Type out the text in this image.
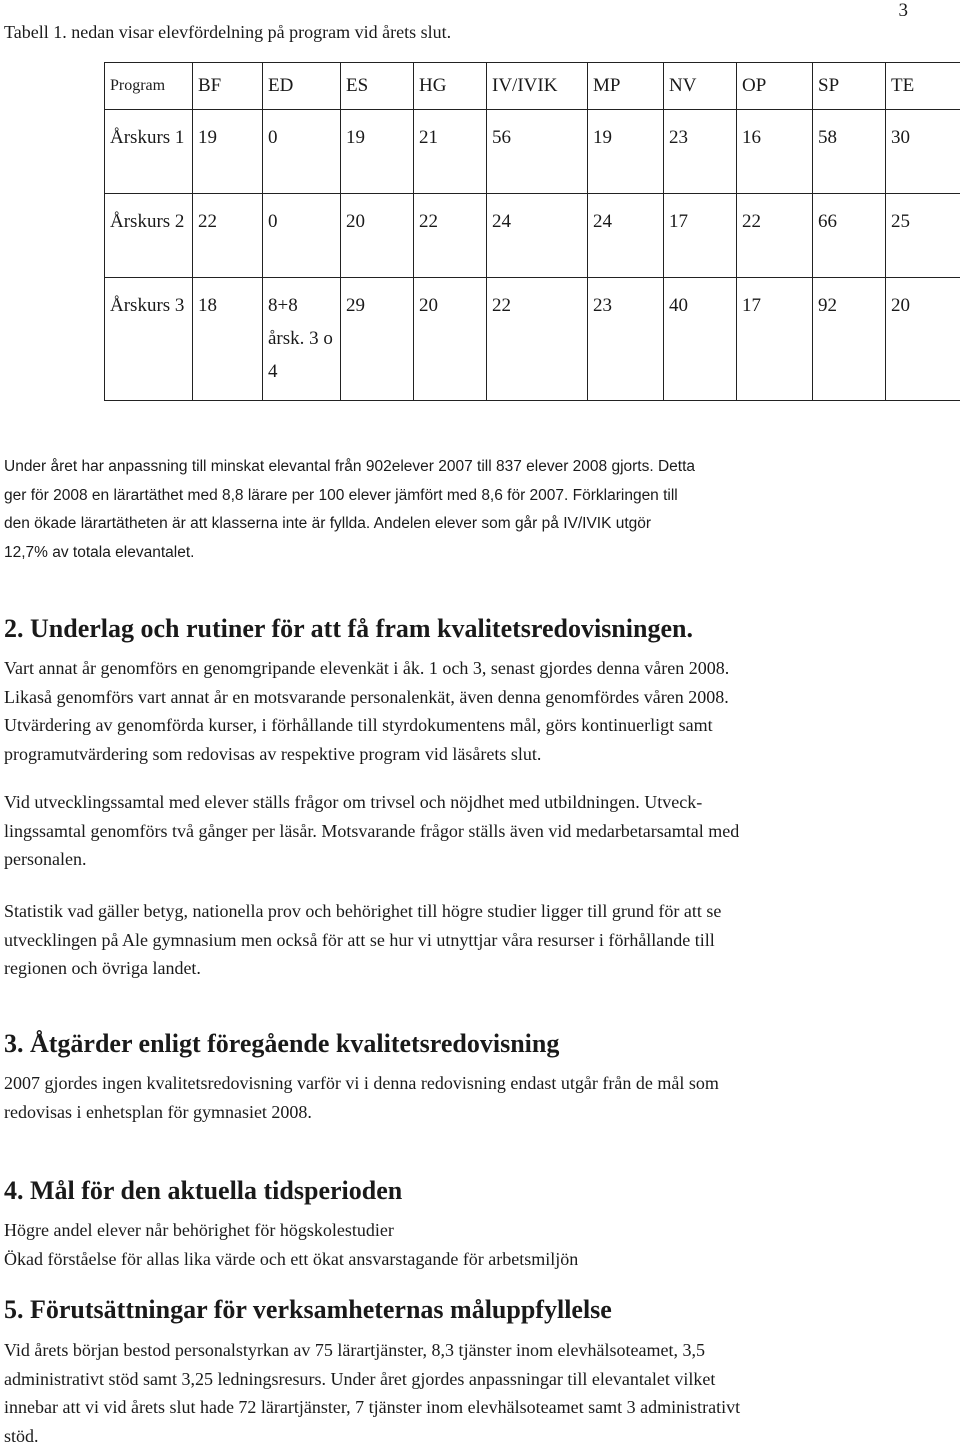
3
Tabell 1. nedan visar elevfördelning på program vid årets slut.
Program	BF	ED	ES	HG	IV/IVIK	MP	NV	OP	SP	TE
Årskurs 1	19	0	19	21	56	19	23	16	58	30
Årskurs 2	22	0	20	22	24	24	17	22	66	25
Årskurs 3	18	8+8 årsk. 3 o 4	29	20	22	23	40	17	92	20
Under året har anpassning till minskat elevantal från 902elever 2007 till 837 elever 2008 gjorts. Detta
ger för 2008 en lärartäthet med 8,8 lärare per 100 elever jämfört med 8,6 för 2007. Förklaringen till
den ökade lärartätheten är att klasserna inte är fyllda. Andelen elever som går på IV/IVIK utgör
12,7% av totala elevantalet.
2. Underlag och rutiner för att få fram kvalitetsredovisningen.
Vart annat år genomförs en genomgripande elevenkät i åk. 1 och 3, senast gjordes denna våren 2008.
Likaså genomförs vart annat år en motsvarande personalenkät, även denna genomfördes våren 2008.
Utvärdering av genomförda kurser, i förhållande till styrdokumentens mål, görs kontinuerligt samt
programutvärdering som redovisas av respektive program vid läsårets slut.
Vid utvecklingssamtal med elever ställs frågor om trivsel och nöjdhet med utbildningen. Utveck-
lingssamtal genomförs två gånger per läsår. Motsvarande frågor ställs även vid medarbetarsamtal med
personalen.
Statistik vad gäller betyg, nationella prov och behörighet till högre studier ligger till grund för att se
utvecklingen på Ale gymnasium men också för att se hur vi utnyttjar våra resurser i förhållande till
regionen och övriga landet.
3. Åtgärder enligt föregående kvalitetsredovisning
2007 gjordes ingen kvalitetsredovisning varför vi i denna redovisning endast utgår från de mål som
redovisas i enhetsplan för gymnasiet 2008.
4. Mål för den aktuella tidsperioden
Högre andel elever når behörighet för högskolestudier
Ökad förståelse för allas lika värde och ett ökat ansvarstagande för arbetsmiljön
5. Förutsättningar för verksamheternas måluppfyllelse
Vid årets början bestod personalstyrkan av 75 lärartjänster, 8,3 tjänster inom elevhälsoteamet, 3,5
administrativt stöd samt 3,25 ledningsresurs. Under året gjordes anpassningar till elevantalet vilket
innebar att vi vid årets slut hade 72 lärartjänster, 7 tjänster inom elevhälsoteamet samt 3 administrativt
stöd.
